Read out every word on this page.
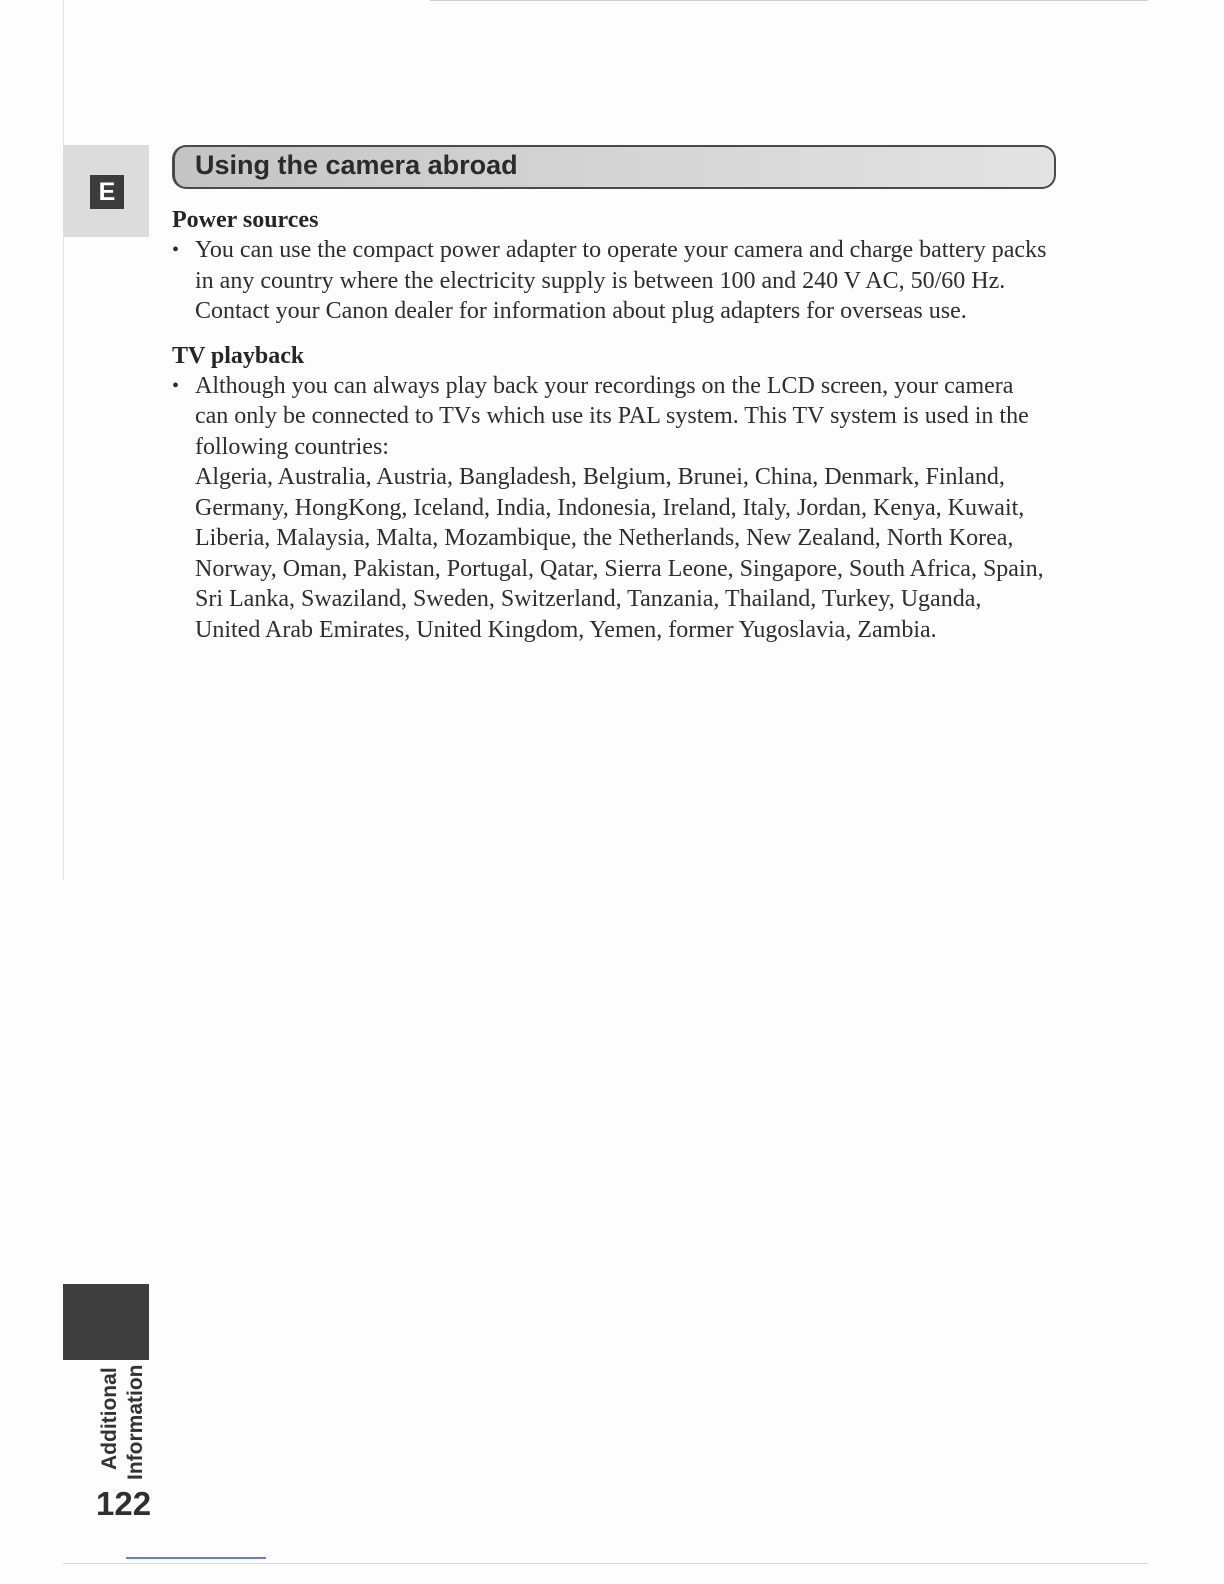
E
Using the camera abroad

Power sources

• You can use the compact power adapter to operate your camera and charge battery packs in any country where the electricity supply is between 100 and 240 V AC, 50/60 Hz. Contact your Canon dealer for information about plug adapters for overseas use.

TV playback

• Although you can always play back your recordings on the LCD screen, your camera can only be connected to TVs which use its PAL system. This TV system is used in the following countries:
Algeria, Australia, Austria, Bangladesh, Belgium, Brunei, China, Denmark, Finland, Germany, HongKong, Iceland, India, Indonesia, Ireland, Italy, Jordan, Kenya, Kuwait, Liberia, Malaysia, Malta, Mozambique, the Netherlands, New Zealand, North Korea, Norway, Oman, Pakistan, Portugal, Qatar, Sierra Leone, Singapore, South Africa, Spain, Sri Lanka, Swaziland, Sweden, Switzerland, Tanzania, Thailand, Turkey, Uganda, United Arab Emirates, United Kingdom, Yemen, former Yugoslavia, Zambia.
Additional Information
122
